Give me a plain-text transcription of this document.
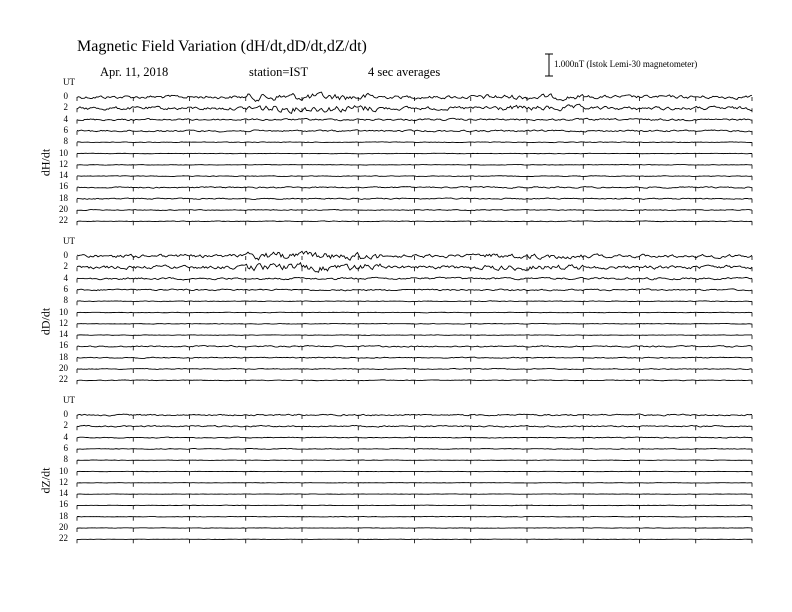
Magnetic Field Variation (dH/dt,dD/dt,dZ/dt)
Apr. 11, 2018	station=IST	4 sec averages
1.000nT (Istok Lemi-30 magnetometer)
UT
dH/dt
0
2
4
6
8
10
12
14
16
18
20
22
UT
dD/dt
0
2
4
6
8
10
12
14
16
18
20
22
UT
dZ/dt
0
2
4
6
8
10
12
14
16
18
20
22
